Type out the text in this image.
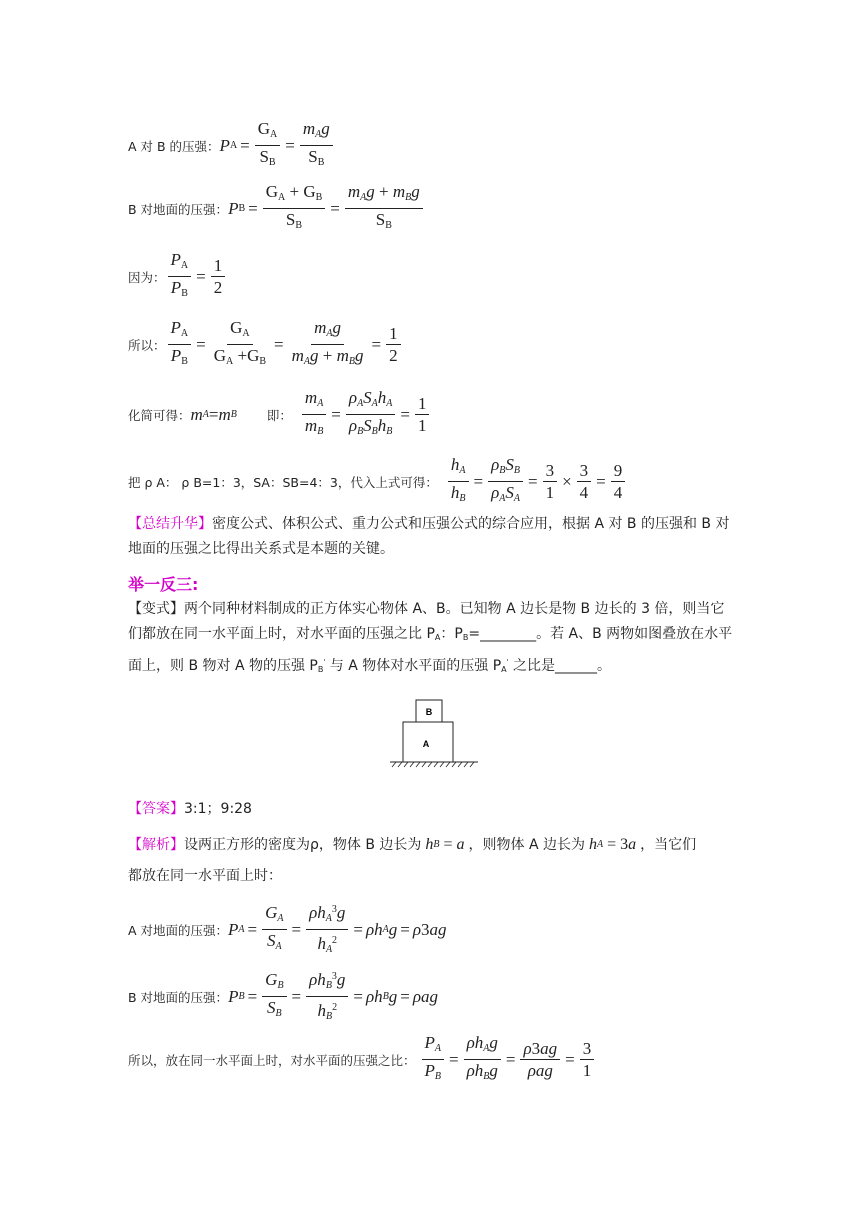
A 对 B 的压强： P $A = \frac{G_A}{S_B} = \frac{m_Ag}{S_B}$
B 对地面的压强： P $B = \frac{G_A + G_B}{S_B} = \frac{m_Ag + m_Bg}{S_B}$
因为： $\frac{P_A}{P_B} = \frac{1}{2}$
所以： $\frac{P_A}{P_B} = \frac{G_A}{G_A +G_B} = \frac{m_Ag}{m_Ag + m_Bg} = \frac{1}{2}$
化简可得： m A = m B 即： $\frac{m_A}{m_B} = \frac{\rho_AS_Ah_A}{\rho_BS_Bh_B} = \frac{1}{1}$
把 ρ A： ρ B=1：3，SA：SB=4：3，代入上式可得： $\frac{h_A}{h_B} = \frac{\rho_BS_B}{\rho_AS_A} = \frac{3}{1} \times \frac{3}{4} = \frac{9}{4}$
【总结升华】密度公式、体积公式、重力公式和压强公式的综合应用，根据 A 对 B 的压强和 B 对地面的压强之比得出关系式是本题的关键。
举一反三:
【变式】两个同种材料制成的正方体实心物体 A、B。已知物 A 边长是物 B 边长的 3 倍，则当它们都放在同一水平面上时，对水平面的压强之比 PA：PB=________。若 A、B 两物如图叠放在水平面上，则 B 物对 A 物的压强 PB' 与 A 物体对水平面的压强 PA' 之比是______。
B
A
【答案】3:1；9:28
【解析】设两正方形的密度为ρ，物体 B 边长为 h B = a ，则物体 A 边长为 h A = 3 a ，当它们
都放在同一水平面上时：
A 对地面的压强： P $A = \frac{G_A}{S_A} = \frac{\rho h_A^3g}{h_A^2} = \rho h$ A g = ρ 3 ag
B 对地面的压强： P $B = \frac{G_B}{S_B} = \frac{\rho h_B^3g}{h_B^2} = \rho h$ B g = ρag
所以，放在同一水平面上时，对水平面的压强之比： $\frac{P_A}{P_B} = \frac{\rho h_Ag}{\rho h_Bg} = \frac{\rho 3ag}{\text{ρag}} = \frac{3}{1}$
